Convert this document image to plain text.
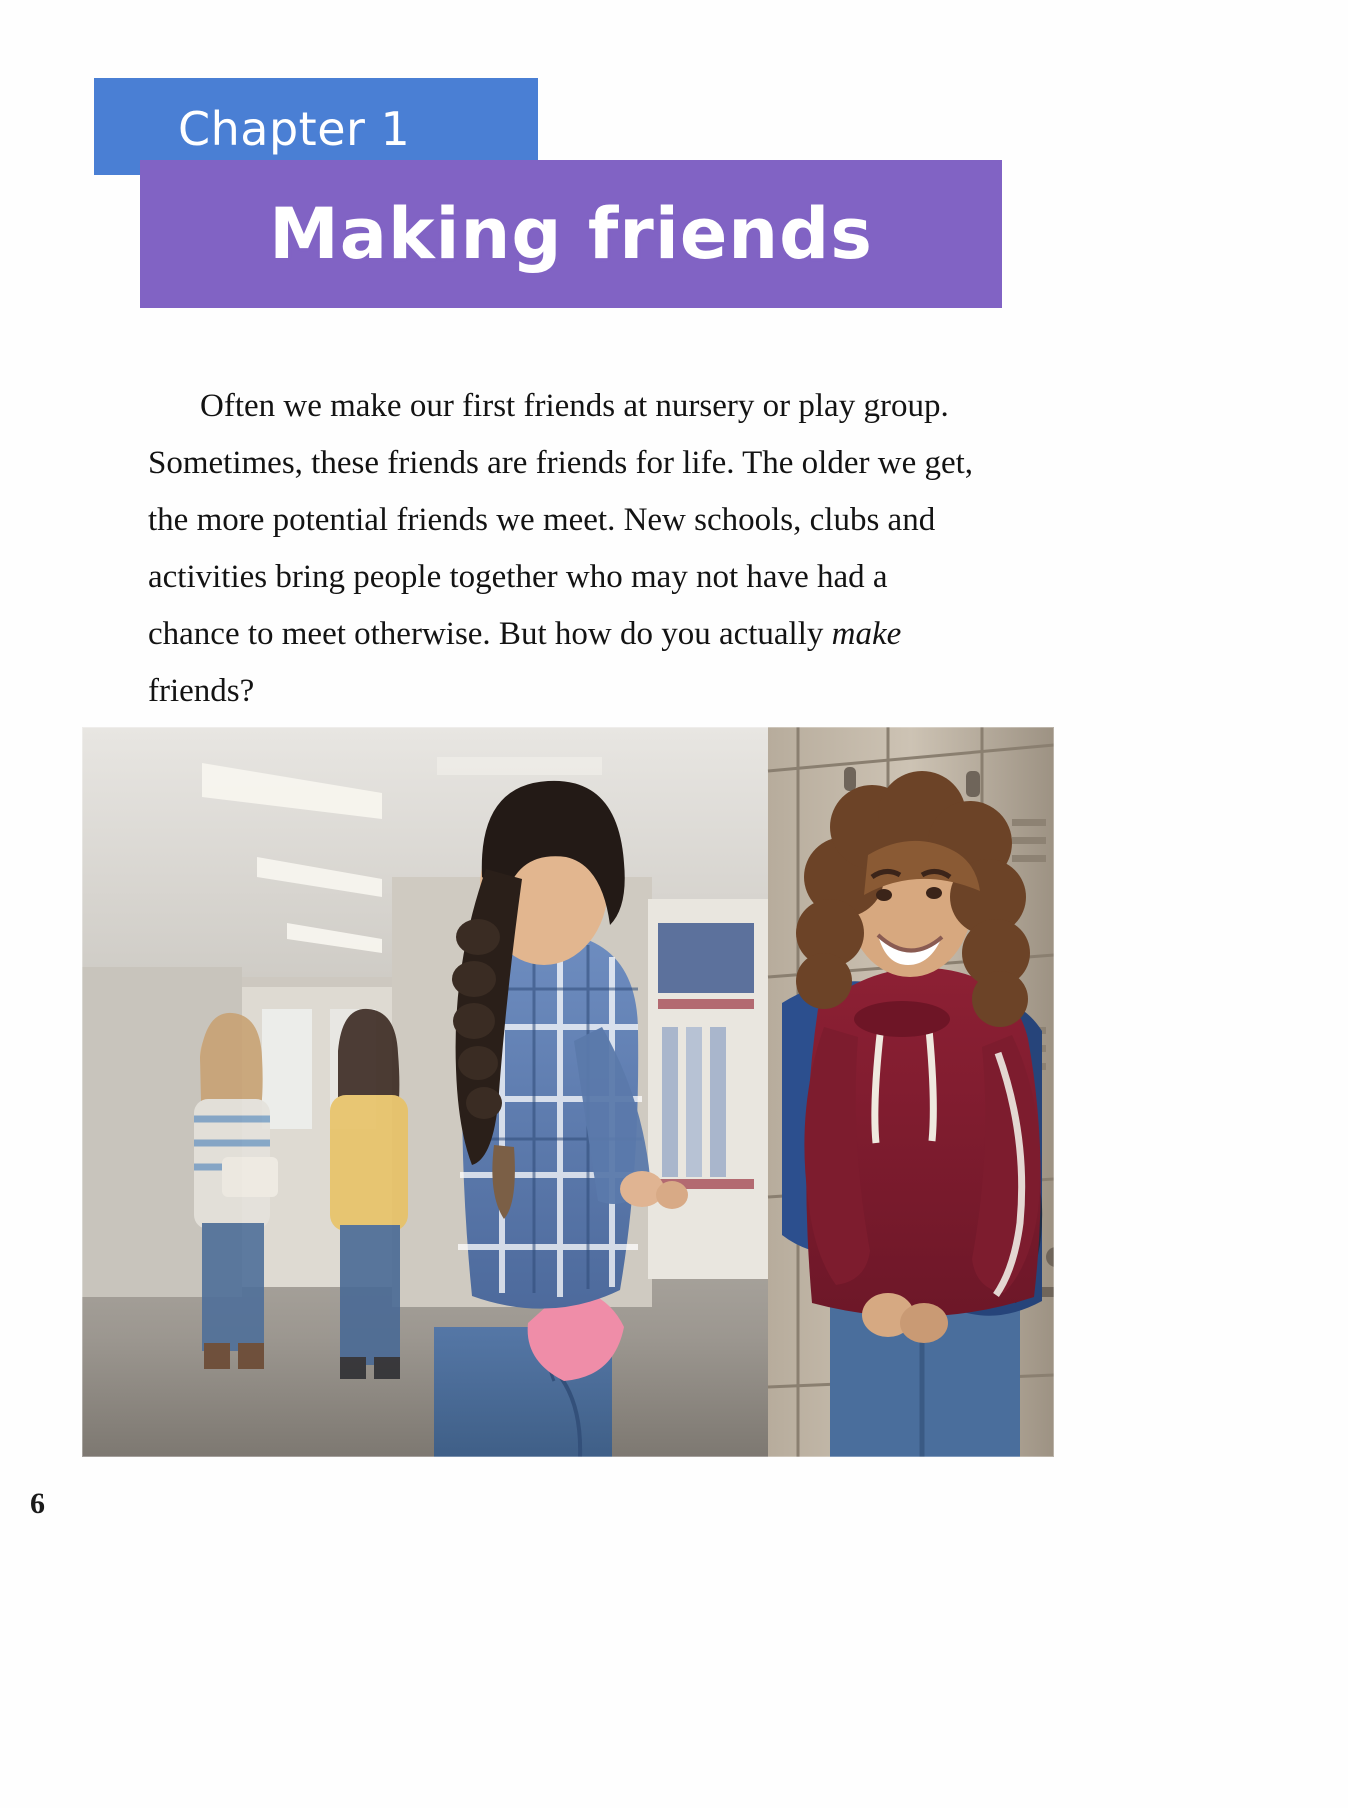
Chapter 1
Making friends

Often we make our first friends at nursery or play group. Sometimes, these friends are friends for life. The older we get, the more potential friends we meet. New schools, clubs and activities bring people together who may not have had a chance to meet otherwise. But how do you actually make friends?

6
